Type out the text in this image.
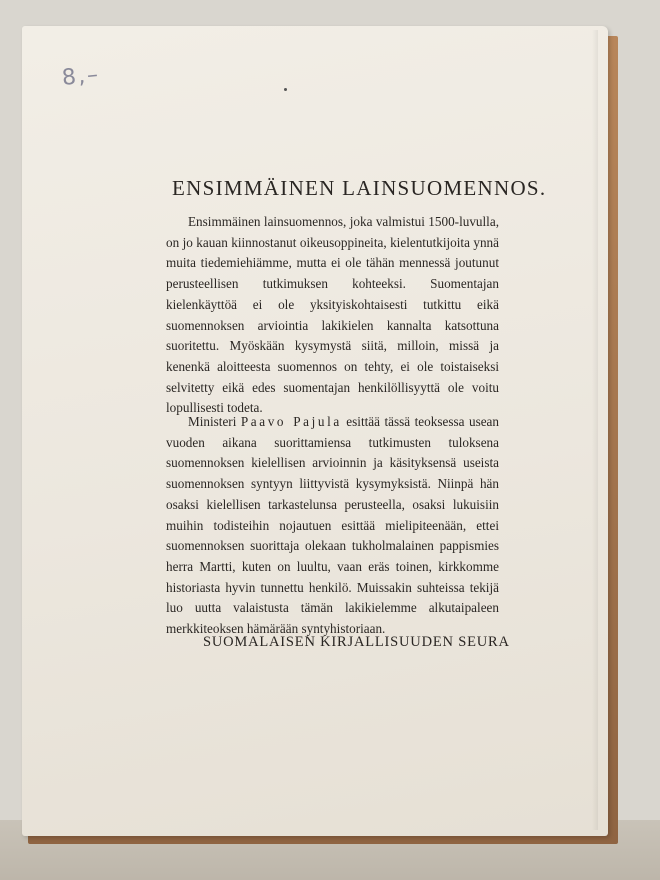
8,–
ENSIMMÄINEN LAINSUOMENNOS.
Ensimmäinen lainsuomennos, joka valmistui 1500-luvulla, on jo kauan kiinnostanut oikeusoppineita, kielentutkijoita ynnä muita tiedemiehiämme, mutta ei ole tähän mennessä joutunut perusteellisen tutkimuksen kohteeksi. Suomentajan kielenkäyttöä ei ole yksityiskohtaisesti tutkittu eikä suomennoksen arviointia lakikielen kannalta katsottuna suoritettu. Myöskään kysymystä siitä, milloin, missä ja kenenkä aloitteesta suomennos on tehty, ei ole toistaiseksi selvitetty eikä edes suomentajan henkilöllisyyttä ole voitu lopullisesti todeta.
Ministeri Paavo Pajula esittää tässä teoksessa usean vuoden aikana suorittamiensa tutkimusten tuloksena suomennoksen kielellisen arvioinnin ja käsityksensä useista suomennoksen syntyyn liittyvistä kysymyksistä. Niinpä hän osaksi kielellisen tarkastelunsa perusteella, osaksi lukuisiin muihin todisteihin nojautuen esittää mielipiteenään, ettei suomennoksen suorittaja olekaan tukholmalainen pappismies herra Martti, kuten on luultu, vaan eräs toinen, kirkkomme historiasta hyvin tunnettu henkilö. Muissakin suhteissa tekijä luo uutta valaistusta tämän lakikielemme alkutaipaleen merkkiteoksen hämärään syntyhistoriaan.
SUOMALAISEN KIRJALLISUUDEN SEURA
